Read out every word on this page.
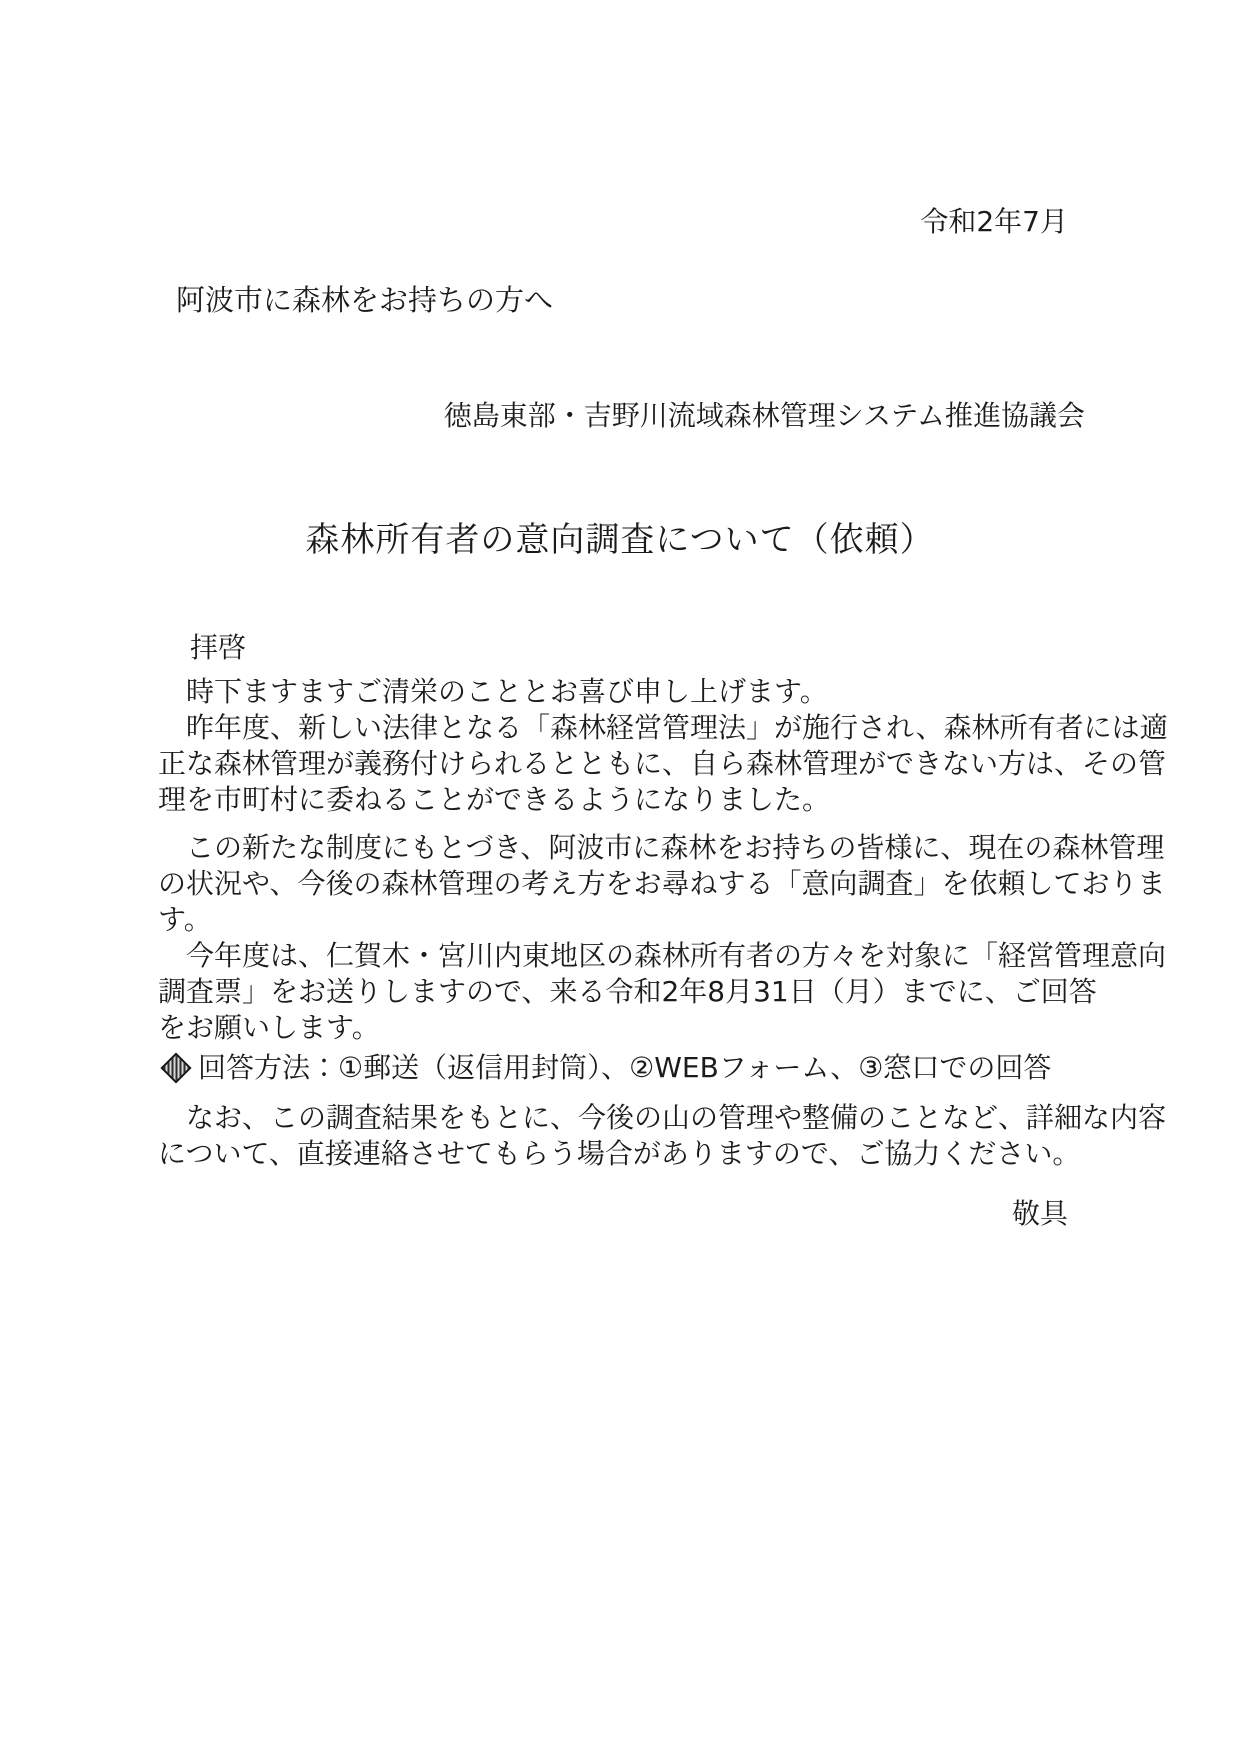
令和2年7月
阿波市に森林をお持ちの方へ
徳島東部・吉野川流域森林管理システム推進協議会
森林所有者の意向調査について（依頼）
拝啓
　時下ますますご清栄のこととお喜び申し上げます。
　昨年度、新しい法律となる「森林経営管理法」が施行され、森林所有者には適
正な森林管理が義務付けられるとともに、自ら森林管理ができない方は、その管
理を市町村に委ねることができるようになりました。
　この新たな制度にもとづき、阿波市に森林をお持ちの皆様に、現在の森林管理
の状況や、今後の森林管理の考え方をお尋ねする「意向調査」を依頼しておりま
す。
　今年度は、仁賀木・宮川内東地区の森林所有者の方々を対象に「経営管理意向
調査票」をお送りしますので、来る令和2年8月31日（月）までに、ご回答
をお願いします。
回答方法：①郵送（返信用封筒）、②WEBフォーム、③窓口での回答
　なお、この調査結果をもとに、今後の山の管理や整備のことなど、詳細な内容
について、直接連絡させてもらう場合がありますので、ご協力ください。
敬具
